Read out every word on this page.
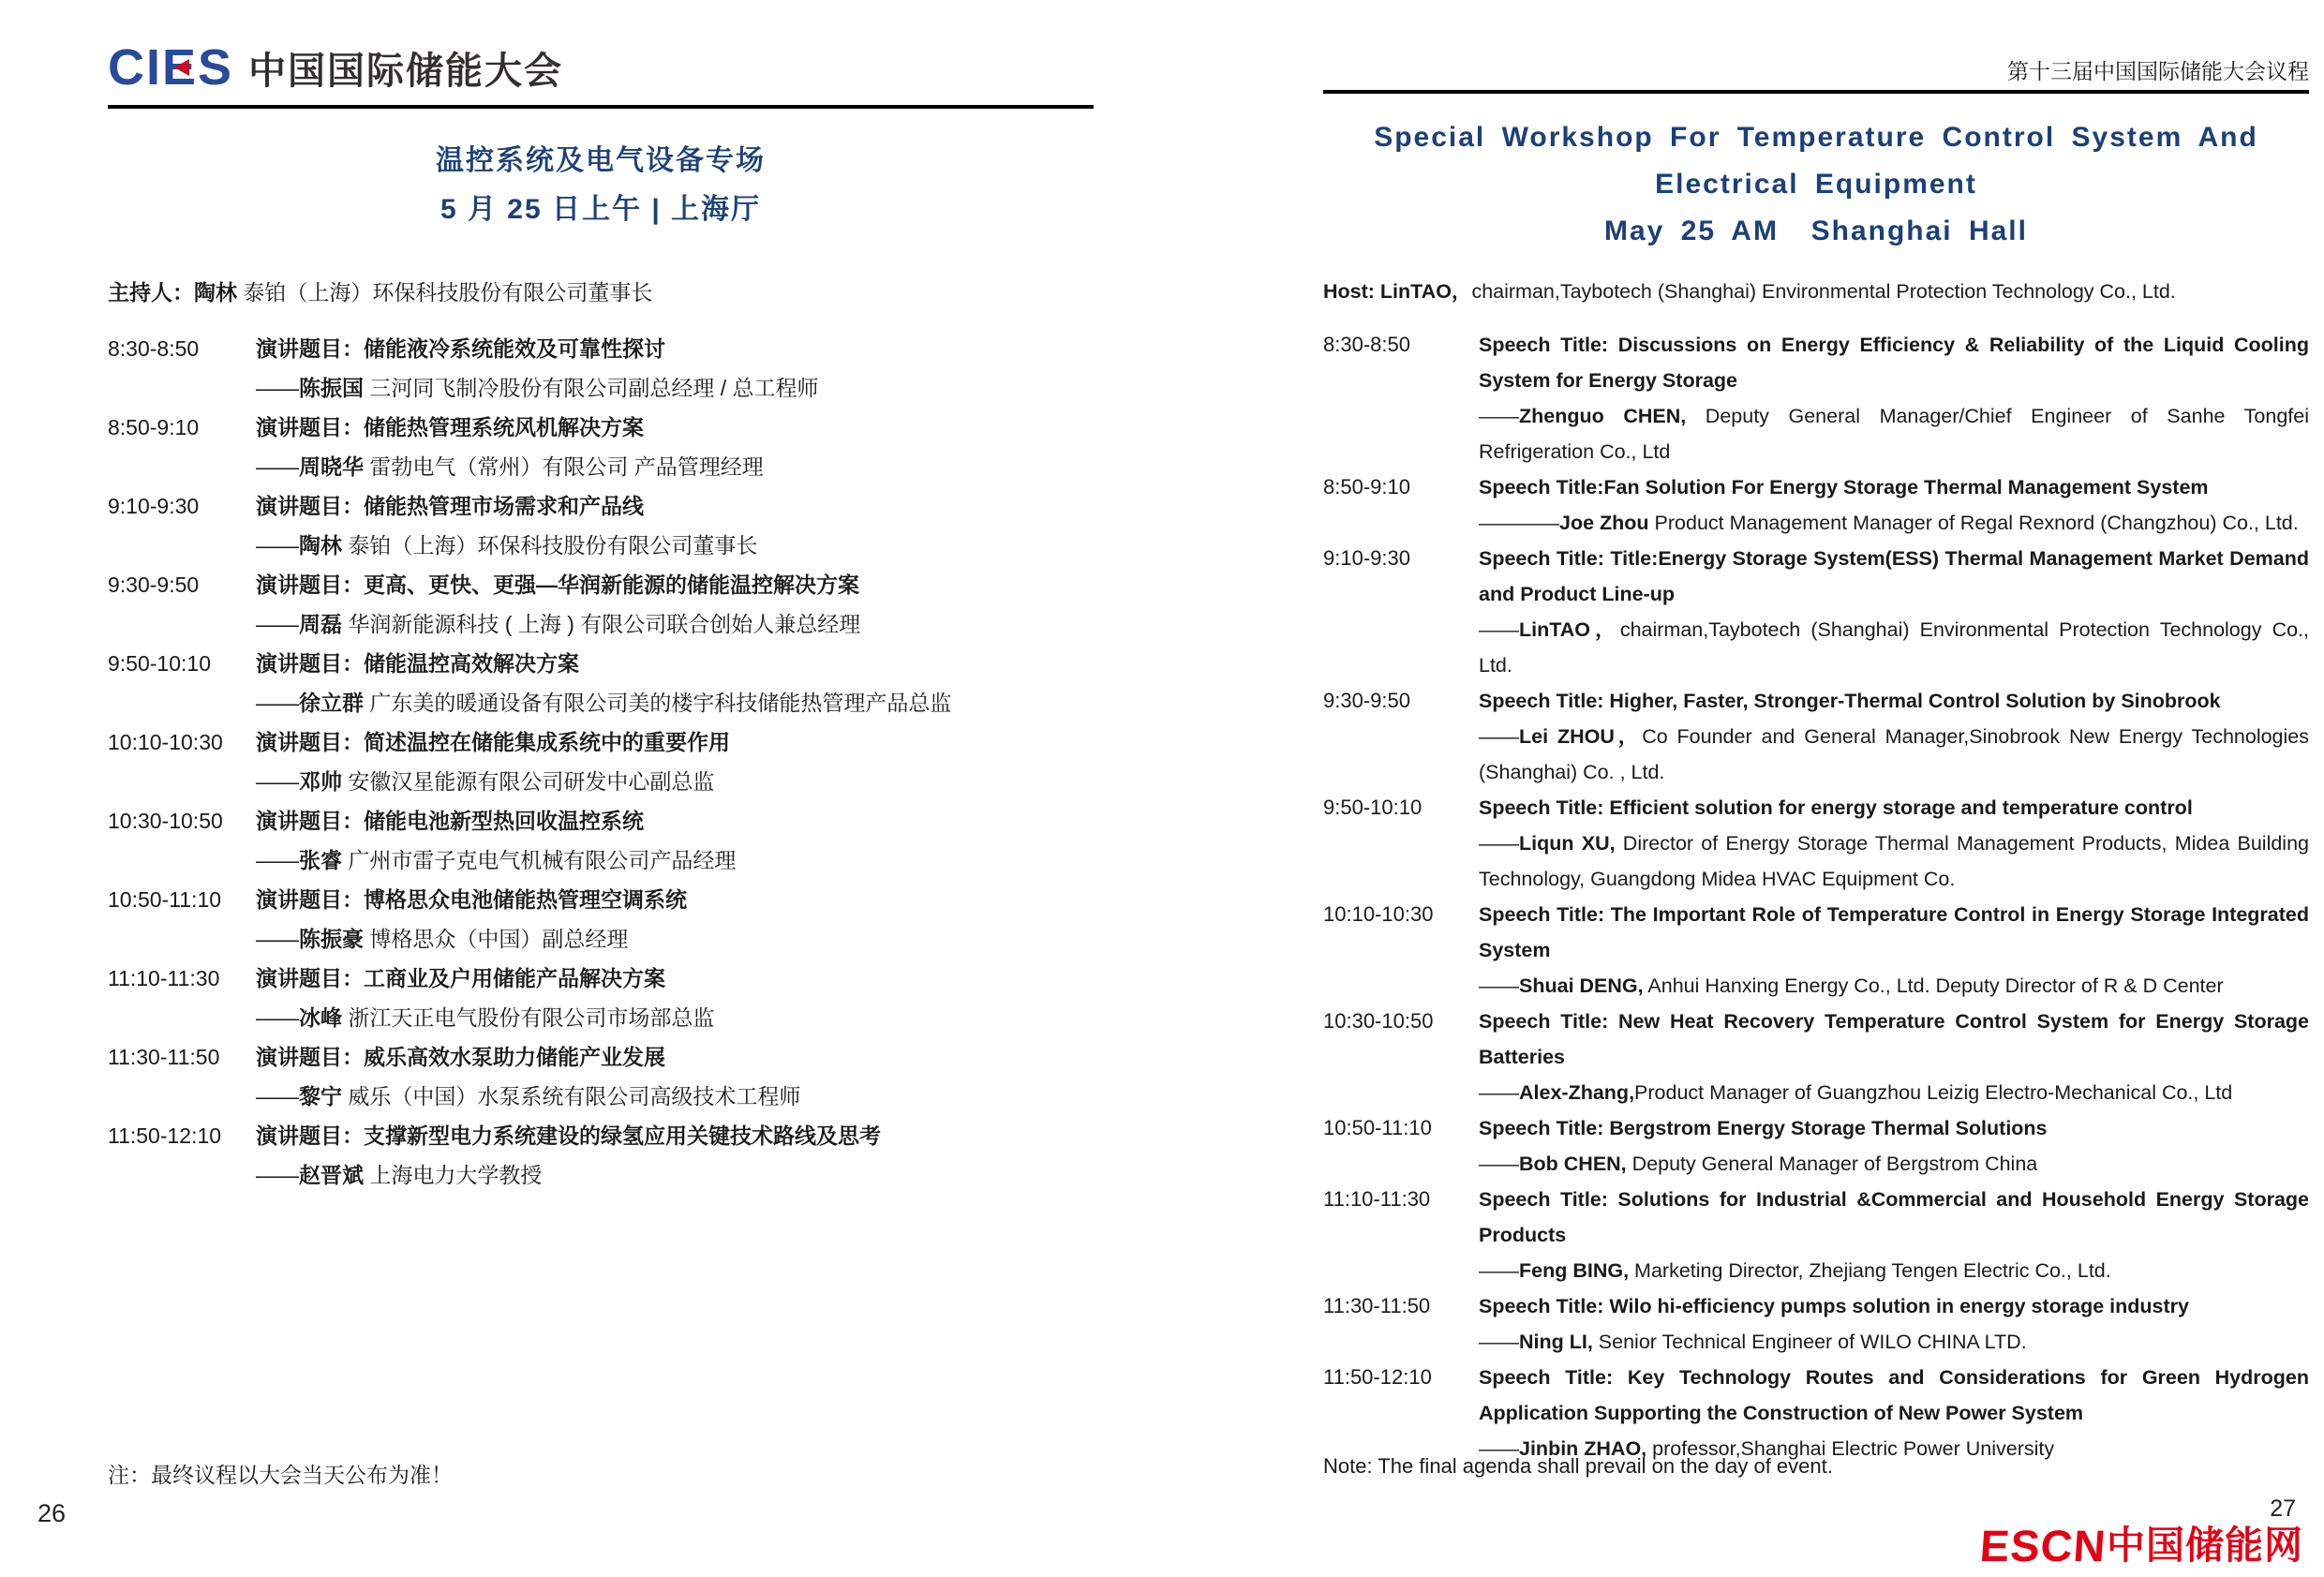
CIES 中国国际储能大会
温控系统及电气设备专场
5 月 25 日上午 | 上海厅
主持人：陶林 泰铂（上海）环保科技股份有限公司董事长
8:30-8:50	演讲题目：储能液冷系统能效及可靠性探讨
——陈振国 三河同飞制冷股份有限公司副总经理 / 总工程师
8:50-9:10	演讲题目：储能热管理系统风机解决方案
——周晓华 雷勃电气（常州）有限公司 产品管理经理
9:10-9:30	演讲题目：储能热管理市场需求和产品线
——陶林 泰铂（上海）环保科技股份有限公司董事长
9:30-9:50	演讲题目：更高、更快、更强—华润新能源的储能温控解决方案
——周磊 华润新能源科技 ( 上海 ) 有限公司联合创始人兼总经理
9:50-10:10	演讲题目：储能温控高效解决方案
——徐立群 广东美的暖通设备有限公司美的楼宇科技储能热管理产品总监
10:10-10:30	演讲题目：简述温控在储能集成系统中的重要作用
——邓帅 安徽汉星能源有限公司研发中心副总监
10:30-10:50	演讲题目：储能电池新型热回收温控系统
——张睿 广州市雷子克电气机械有限公司产品经理
10:50-11:10	演讲题目：博格思众电池储能热管理空调系统
——陈振豪 博格思众（中国）副总经理
11:10-11:30	演讲题目：工商业及户用储能产品解决方案
——冰峰 浙江天正电气股份有限公司市场部总监
11:30-11:50	演讲题目：威乐高效水泵助力储能产业发展
——黎宁 威乐（中国）水泵系统有限公司高级技术工程师
11:50-12:10	演讲题目：支撑新型电力系统建设的绿氢应用关键技术路线及思考
——赵晋斌 上海电力大学教授
注：最终议程以大会当天公布为准！
第十三届中国国际储能大会议程
Special Workshop For Temperature Control System And
Electrical Equipment
May 25 AM  Shanghai Hall
Host: LinTAO，chairman,Taybotech (Shanghai) Environmental Protection Technology Co., Ltd.
8:30-8:50	Speech Title: Discussions on Energy Efficiency & Reliability of the Liquid Cooling System for Energy Storage
——Zhenguo CHEN, Deputy General Manager/Chief Engineer of Sanhe Tongfei Refrigeration Co., Ltd
8:50-9:10	Speech Title:Fan Solution For Energy Storage Thermal Management System
————Joe Zhou Product Management Manager of Regal Rexnord (Changzhou) Co., Ltd.
9:10-9:30	Speech Title: Title:Energy Storage System(ESS) Thermal Management Market Demand and Product Line-up
——LinTAO，chairman,Taybotech (Shanghai) Environmental Protection Technology Co., Ltd.
9:30-9:50	Speech Title: Higher, Faster, Stronger-Thermal Control Solution by Sinobrook
——Lei ZHOU，Co Founder and General Manager,Sinobrook New Energy Technologies (Shanghai) Co. , Ltd.
9:50-10:10	Speech Title: Efficient solution for energy storage and temperature control
——Liqun XU, Director of Energy Storage Thermal Management Products, Midea Building Technology, Guangdong Midea HVAC Equipment Co.
10:10-10:30	Speech Title: The Important Role of Temperature Control in Energy Storage Integrated System
——Shuai DENG, Anhui Hanxing Energy Co., Ltd. Deputy Director of R & D Center
10:30-10:50	Speech Title: New Heat Recovery Temperature Control System for Energy Storage Batteries
——Alex-Zhang,Product Manager of Guangzhou Leizig Electro-Mechanical Co., Ltd
10:50-11:10	Speech Title: Bergstrom Energy Storage Thermal Solutions
——Bob CHEN, Deputy General Manager of Bergstrom China
11:10-11:30	Speech Title: Solutions for Industrial &Commercial and Household Energy Storage Products
——Feng BING, Marketing Director, Zhejiang Tengen Electric Co., Ltd.
11:30-11:50	Speech Title: Wilo hi-efficiency pumps solution in energy storage industry
——Ning LI, Senior Technical Engineer of WILO CHINA LTD.
11:50-12:10	Speech Title: Key Technology Routes and Considerations for Green Hydrogen Application Supporting the Construction of New Power System
——Jinbin ZHAO, professor,Shanghai Electric Power University
Note: The final agenda shall prevail on the day of event.
26	27
ESCN
中国储能网
